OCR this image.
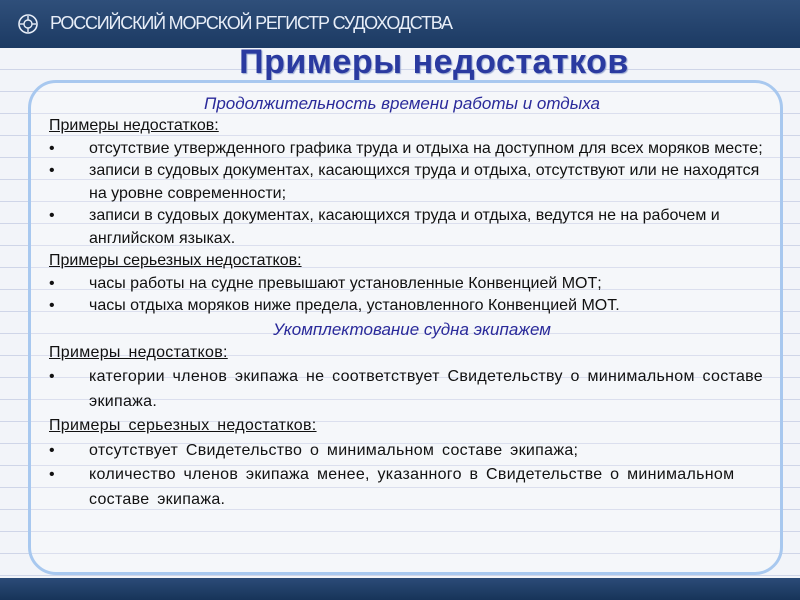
РОССИЙСКИЙ МОРСКОЙ РЕГИСТР СУДОХОДСТВА
Примеры недостатков
Продолжительность времени работы и отдыха
Примеры недостатков:
• отсутствие утвержденного графика труда и отдыха на доступном для всех моряков месте;
• записи в судовых документах, касающихся труда и отдыха, отсутствуют или не находятся на уровне современности;
• записи в судовых документах, касающихся труда и отдыха, ведутся не на рабочем и английском языках.
Примеры серьезных недостатков:
• часы работы на судне превышают установленные Конвенцией МОТ;
• часы отдыха моряков ниже предела, установленного Конвенцией МОТ.
Укомплектование судна экипажем
Примеры недостатков:
• категории членов экипажа не соответствует Свидетельству о минимальном составе экипажа.
Примеры серьезных недостатков:
• отсутствует Свидетельство о минимальном составе экипажа;
• количество членов экипажа менее, указанного в Свидетельстве о минимальном составе экипажа.
